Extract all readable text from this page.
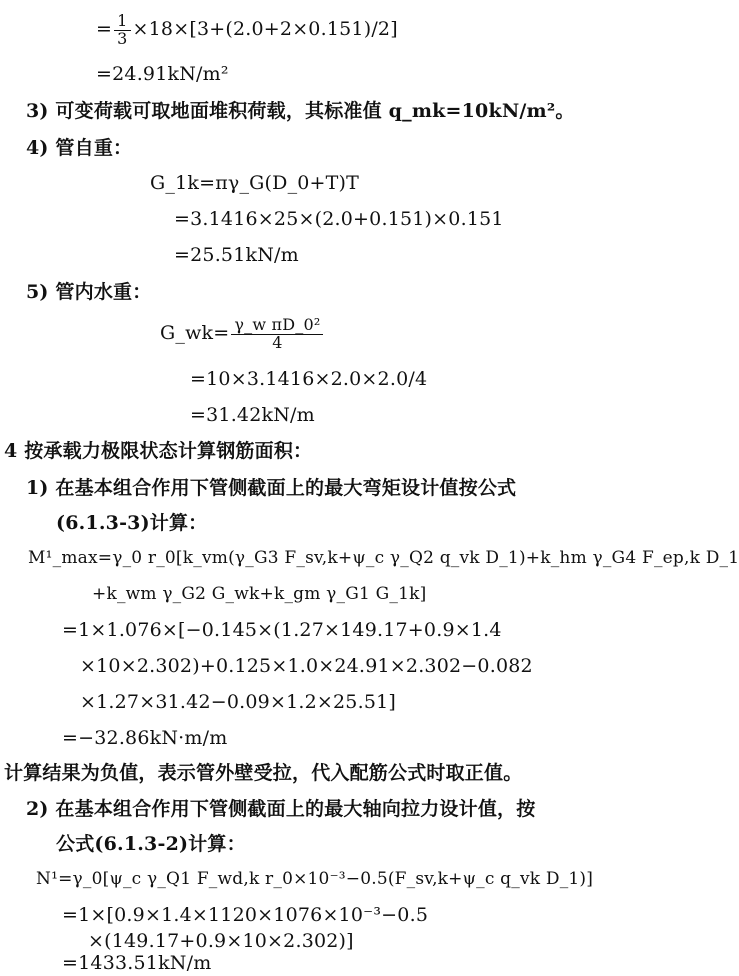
= $\frac{1}{3} \times 18\times[3+(2.0+2\times 0.151)/2]$
=24.91kN/m²
3) 可变荷载可取地面堆积荷载，其标准值 q_mk=10kN/m²。
4) 管自重：
G_1k=πγ_G(D_0+T)T
=3.1416×25×(2.0+0.151)×0.151
=25.51kN/m
5) 管内水重：
G_wk= $\frac{\text{γ\_w πD\_0²}}{4}$
=10×3.1416×2.0×2.0/4
=31.42kN/m
4 按承载力极限状态计算钢筋面积：
1) 在基本组合作用下管侧截面上的最大弯矩设计值按公式
(6.1.3-3)计算：
M¹_max=γ_0 r_0[k_vm(γ_G3 F_sv,k+ψ_c γ_Q2 q_vk D_1)+k_hm γ_G4 F_ep,k D_1
+k_wm γ_G2 G_wk+k_gm γ_G1 G_1k]
=1×1.076×[−0.145×(1.27×149.17+0.9×1.4
×10×2.302)+0.125×1.0×24.91×2.302−0.082
×1.27×31.42−0.09×1.2×25.51]
=−32.86kN·m/m
计算结果为负值，表示管外壁受拉，代入配筋公式时取正值。
2) 在基本组合作用下管侧截面上的最大轴向拉力设计值，按
公式(6.1.3-2)计算：
N¹=γ_0[ψ_c γ_Q1 F_wd,k r_0×10⁻³−0.5(F_sv,k+ψ_c q_vk D_1)]
=1×[0.9×1.4×1120×1076×10⁻³−0.5
×(149.17+0.9×10×2.302)]
=1433.51kN/m
